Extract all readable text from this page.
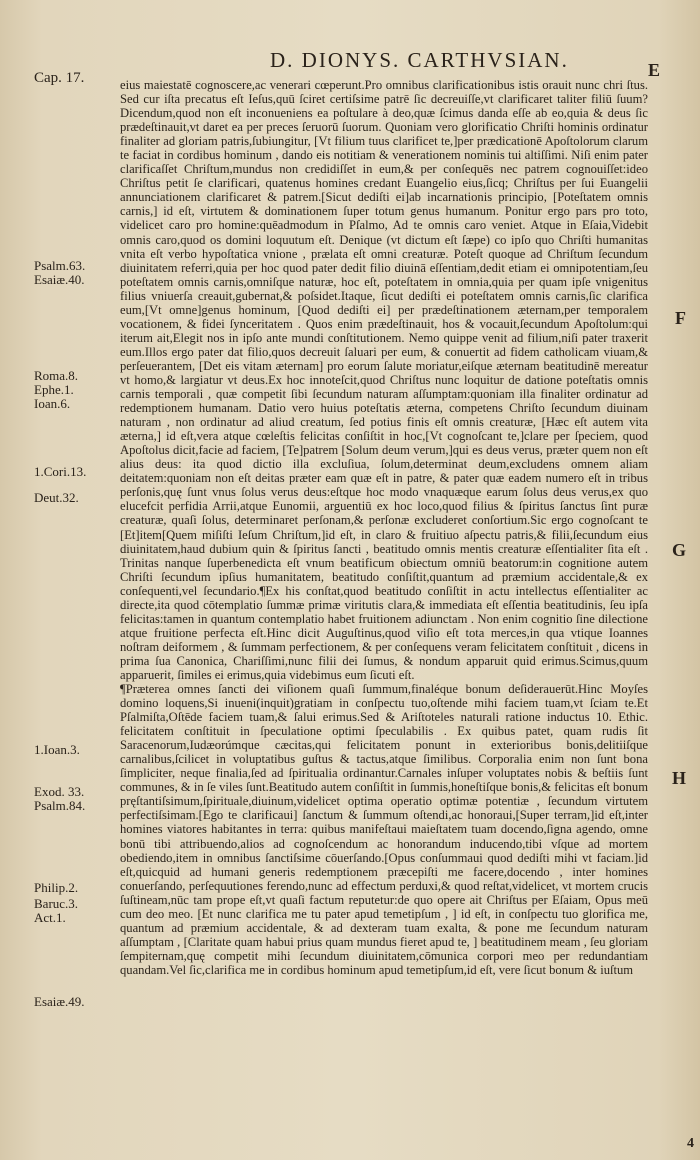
Cap. 17.
D. DIONYS. CARTHVSIAN.	E
F
G
H
Psalm.63.
Esaiæ.40.
Roma.8.
Ephe.1.
Ioan.6.
1.Cori.13.
Deut.32.
1.Ioan.3.
Exod. 33.
Psalm.84.
Philip.2.
Baruc.3.
Act.1.
Esaiæ.49.

eius maiestatē cognoscere,ac venerari cœperunt.Pro omnibus clarificationibus istis orauit nunc chri ſtus. Sed cur iſta precatus eſt Ieſus,quū ſciret certiſsime patrē ſic decreuiſſe,vt clarificaret taliter filiū ſuum?Dicendum,quod non eſt inconueniens ea poſtulare à deo,quæ ſcimus danda eſſe ab eo,quia & deus ſic prædeſtinauit,vt daret ea per preces ſeruorū ſuorum. Quoniam vero glorificatio Chriſti hominis ordinatur finaliter ad gloriam patris,ſubiungitur, [Vt filium tuus clarificet te,]per prædicationē Apoſtolorum clarum te faciat in cordibus hominum , dando eis notitiam & venerationem nominis tui altiſſimi. Niſi enim pater clarificaſſet Chriſtum,mundus non credidiſſet in eum,& per conſequēs nec patrem cognouiſſet:ideo Chriſtus petit ſe clarificari, quatenus homines credant Euangelio eius,ſicq; Chriſtus per ſui Euangelii annunciationem clarificaret & patrem.[Sicut dediſti ei]ab incarnationis principio, [Poteſtatem omnis carnis,] id eſt, virtutem & dominationem ſuper totum genus humanum. Ponitur ergo pars pro toto, videlicet caro pro homine:quēadmodum in Pſalmo, Ad te omnis caro veniet. Atque in Eſaia,Videbit omnis caro,quod os domini loquutum eſt. Denique (vt dictum eſt ſæpe) co ipſo quo Chriſti humanitas vnita eſt verbo hypoſtatica vnione , prælata eſt omni creaturæ. Poteſt quoque ad Chriſtum ſecundum diuinitatem referri,quia per hoc quod pater dedit filio diuinā eſſentiam,dedit etiam ei omnipotentiam,ſeu poteſtatem omnis carnis,omniſque naturæ, hoc eſt, poteſtatem in omnia,quia per quam ipſe vnigenitus filius vniuerſa creauit,gubernat,& poſsidet.Itaque, ſicut dediſti ei poteſtatem omnis carnis,ſic clarifica eum,[Vt omne]genus hominum, [Quod dediſti ei] per prædeſtinationem æternam,per temporalem vocationem, & fidei ſynceritatem . Quos enim prædeſtinauit, hos & vocauit,ſecundum Apoſtolum:qui iterum ait,Elegit nos in ipſo ante mundi conſtitutionem. Nemo quippe venit ad filium,niſi pater traxerit eum.Illos ergo pater dat filio,quos decreuit ſaluari per eum, & conuertit ad fidem catholicam viuam,& perſeuerantem, [Det eis vitam æternam] pro eorum ſalute moriatur,eiſque æternam beatitudinē mereatur vt homo,& largiatur vt deus.Ex hoc innoteſcit,quod Chriſtus nunc loquitur de datione poteſtatis omnis carnis temporali , quæ competit ſibi ſecundum naturam aſſumptam:quoniam illa finaliter ordinatur ad redemptionem humanam. Datio vero huius poteſtatis æterna, competens Chriſto ſecundum diuinam naturam , non ordinatur ad aliud creatum, ſed potius finis eſt omnis creaturæ, [Hæc eſt autem vita æterna,] id eſt,vera atque cœleſtis felicitas conſiſtit in hoc,[Vt cognoſcant te,]clare per ſpeciem, quod Apoſtolus dicit,facie ad faciem, [Te]patrem [Solum deum verum,]qui es deus verus, præter quem non eſt alius deus: ita quod dictio illa excluſiua, ſolum,determinat deum,excludens omnem aliam deitatem:quoniam non eſt deitas præter eam quæ eſt in patre, & pater quæ eadem numero eſt in tribus perſonis,quę ſunt vnus ſolus verus deus:eſtque hoc modo vnaquæque earum ſolus deus verus,ex quo elucefcit perfidia Arrii,atque Eunomii, arguentiū ex hoc loco,quod filius & ſpiritus ſanctus ſint puræ creaturæ, quaſi ſolus, determinaret perſonam,& perſonæ excluderet conſortium.Sic ergo cognoſcant te [Et]item[Quem miſiſti Ieſum Chriſtum,]id eſt, in claro & fruitiuo aſpectu patris,& filii,ſecundum eius diuinitatem,haud dubium quin & ſpiritus ſancti , beatitudo omnis mentis creaturæ eſſentialiter ſita eſt . Trinitas nanque ſuperbenedicta eſt vnum beatificum obiectum omniū beatorum:in cognitione autem Chriſti ſecundum ipſius humanitatem, beatitudo conſiſtit,quantum ad præmium accidentale,& ex conſequenti,vel ſecundario.¶Ex his conſtat,quod beatitudo conſiſtit in actu intellectus eſſentialiter ac directe,ita quod cōtemplatio ſummæ primæ viritutis clara,& immediata eſt eſſentia beatitudinis, ſeu ipſa felicitas:tamen in quantum contemplatio habet fruitionem adiunctam . Non enim cognitio ſine dilectione atque fruitione perfecta eſt.Hinc dicit Auguſtinus,quod viſio eſt tota merces,in qua vtique Ioannes noſtram deiformem , & ſummam perfectionem, & per conſequens veram felicitatem conſtituit , dicens in prima ſua Canonica, Chariſſimi,nunc filii dei ſumus, & nondum apparuit quid erimus.Scimus,quum apparuerit, ſimiles ei erimus,quia videbimus eum ſicuti eſt.

¶Præterea omnes ſancti dei viſionem quaſi ſummum,finaléque bonum deſiderauerūt.Hinc Moyſes domino loquens,Si inueni(inquit)gratiam in conſpectu tuo,oſtende mihi faciem tuam,vt ſciam te.Et Pſalmiſta,Oſtēde faciem tuam,& ſalui erimus.Sed & Ariſtoteles naturali ratione inductus 10. Ethic. felicitatem conſtituit in ſpeculatione optimi ſpeculabilis . Ex quibus patet, quam rudis ſit Saracenorum,Iudæorúmque cæcitas,qui felicitatem ponunt in exterioribus bonis,delitiiſque carnalibus,ſcilicet in voluptatibus guſtus & tactus,atque ſimilibus. Corporalia enim non ſunt bona ſimpliciter, neque finalia,ſed ad ſpiritualia ordinantur.Carnales inſuper voluptates nobis & beſtiis ſunt communes, & in ſe viles ſunt.Beatitudo autem conſiſtit in ſummis,honeſtiſque bonis,& felicitas eſt bonum pręſtantiſsimum,ſpirituale,diuinum,videlicet optima operatio optimæ potentiæ , ſecundum virtutem perfectiſsimam.[Ego te clarificaui] ſanctum & ſummum oſtendi,ac honoraui,[Super terram,]id eſt,inter homines viatores habitantes in terra: quibus manifeſtaui maieſtatem tuam docendo,ſigna agendo, omne bonū tibi attribuendo,alios ad cognoſcendum ac honorandum inducendo,tibi vſque ad mortem obediendo,item in omnibus ſanctiſsime cōuerſando.[Opus conſummaui quod dediſti mihi vt faciam.]id eſt,quicquid ad humani generis redemptionem præcepiſti me facere,docendo , inter homines conuerſando, perſequutiones ferendo,nunc ad effectum perduxi,& quod reſtat,videlicet, vt mortem crucis ſuſtineam,nūc tam prope eſt,vt quaſi factum reputetur:de quo opere ait Chriſtus per Eſaiam, Opus meū cum deo meo. [Et nunc clarifica me tu pater apud temetipſum , ] id eſt, in conſpectu tuo glorifica me, quantum ad præmium accidentale, & ad dexteram tuam exalta, & pone me ſecundum naturam aſſumptam , [Claritate quam habui prius quam mundus fieret apud te, ] beatitudinem meam , ſeu gloriam ſempiternam,quę competit mihi ſecundum diuinitatem,cōmunica corpori meo per redundantiam quandam.Vel ſic,clarifica me in cordibus hominum apud temetipſum,id eſt, vere ſicut bonum & iuſtum

4
